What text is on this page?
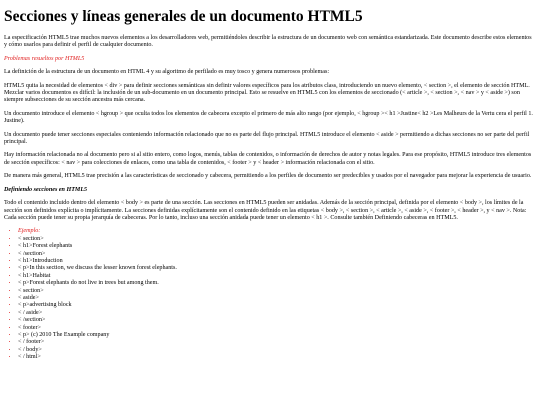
Secciones y líneas generales de un documento HTML5

La especificación HTML5 trae muchos nuevos elementos a los desarrolladores web, permitiéndoles describir la estructura de un documento web con semántica estandarizada. Este documento describe estos elementos y cómo usarlos para definir el perfil de cualquier documento.

Problemas resueltos por HTML5

La definición de la estructura de un documento en HTML 4 y su algoritmo de perfilado es muy tosco y genera numerosos problemas:

HTML5 quita la necesidad de elementos < div > para definir secciones semánticas sin definir valores específicos para los atributos class, introduciendo un nuevo elemento, < section >, el elemento de sección HTML. Mezclar varios documentos es difícil: la inclusión de un sub-documento en un documento principal. Esto se resuelve en HTML5 con los elementos de seccionado (< article >, < section >, < nav > y < aside >) son siempre subsecciones de su sección ancestra más cercana.

Un documento introduce el elemento < hgroup > que oculta todos los elementos de cabecera excepto el primero de más alto rango (por ejemplo, < hgroup >< h1 >Justine< h2 >Les Malheurs de la Vertu cera el perfil 1. Justine).

Un documento puede tener secciones especiales conteniendo información relacionado que no es parte del flujo principal. HTML5 introduce el elemento < aside > permitiendo a dichas secciones no ser parte del perfil principal.

Hay información relacionada no al documento pero si al sitio entero, como logos, menús, tablas de contenidos, o información de derechos de autor y notas legales. Para ese propósito, HTML5 introduce tres elementos de sección específicos: < nav > para colecciones de enlaces, como una tabla de contenidos, < footer > y < header > información relacionada con el sitio.

De manera más general, HTML5 trae precisión a las características de seccionado y cabecera, permitiendo a los perfiles de documento ser predecibles y usados por el navegador para mejorar la experiencia de usuario.

Definiendo secciones en HTML5

Todo el contenido incluido dentro del elemento < body > es parte de una sección. Las secciones en HTML5 pueden ser anidadas. Además de la sección principal, definida por el elemento < body >, los límites de la sección son definidos explícita o implícitamente. La secciones definidas explícitamente son el contenido definido en las etiquetas < body >, < section >, < article >, < aside >, < footer >, < header >, y < nav >. Nota: Cada sección puede tener su propia jerarquía de cabeceras. Por lo tanto, incluso una sección anidada puede tener un elemento < h1 >. Consulte también Definiendo cabeceras en HTML5.

• Ejemplo:
• < section>
• < h1>Forest elephants
• < /section>
• < h1>Introduction
• < p>In this section, we discuss the lesser known forest elephants.
• < h1>Habitat
• < p>Forest elephants do not live in trees but among them.
• < section>
• < aside>
• < p>advertising block
• < / aside>
• < /section>
• < footer>
• < p> (c) 2010 The Example company
• < / footer>
• < / body>
• < / html>
